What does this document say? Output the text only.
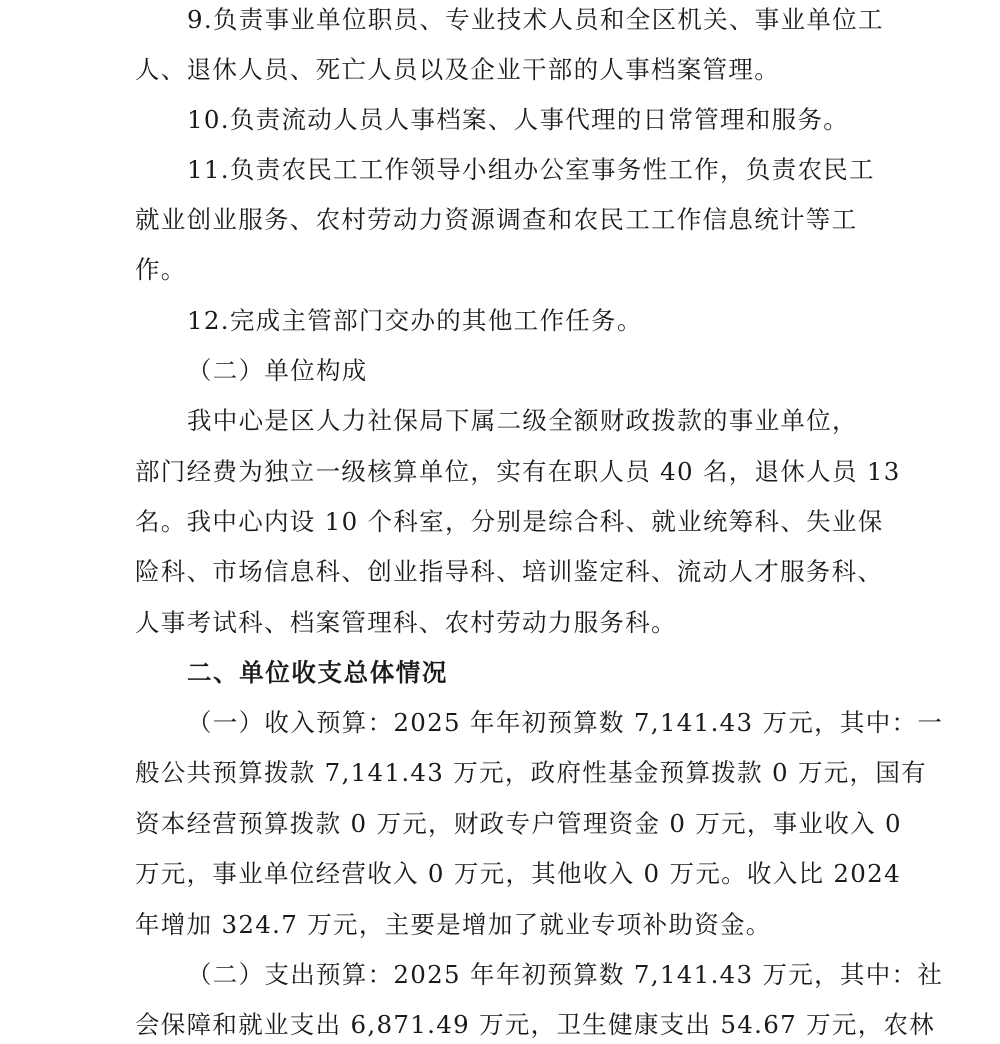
9.负责事业单位职员、专业技术人员和全区机关、事业单位工
人、退休人员、死亡人员以及企业干部的人事档案管理。
10.负责流动人员人事档案、人事代理的日常管理和服务。
11.负责农民工工作领导小组办公室事务性工作，负责农民工
就业创业服务、农村劳动力资源调查和农民工工作信息统计等工
作。
12.完成主管部门交办的其他工作任务。
（二）单位构成
我中心是区人力社保局下属二级全额财政拨款的事业单位，
部门经费为独立一级核算单位，实有在职人员 40 名，退休人员 13
名。我中心内设 10 个科室，分别是综合科、就业统筹科、失业保
险科、市场信息科、创业指导科、培训鉴定科、流动人才服务科、
人事考试科、档案管理科、农村劳动力服务科。
二、单位收支总体情况
（一）收入预算：2025 年年初预算数 7,141.43 万元，其中：一
般公共预算拨款 7,141.43 万元，政府性基金预算拨款 0 万元，国有
资本经营预算拨款 0 万元，财政专户管理资金 0 万元，事业收入 0
万元，事业单位经营收入 0 万元，其他收入 0 万元。收入比 2024
年增加 324.7 万元，主要是增加了就业专项补助资金。
（二）支出预算：2025 年年初预算数 7,141.43 万元，其中：社
会保障和就业支出 6,871.49 万元，卫生健康支出 54.67 万元，农林
